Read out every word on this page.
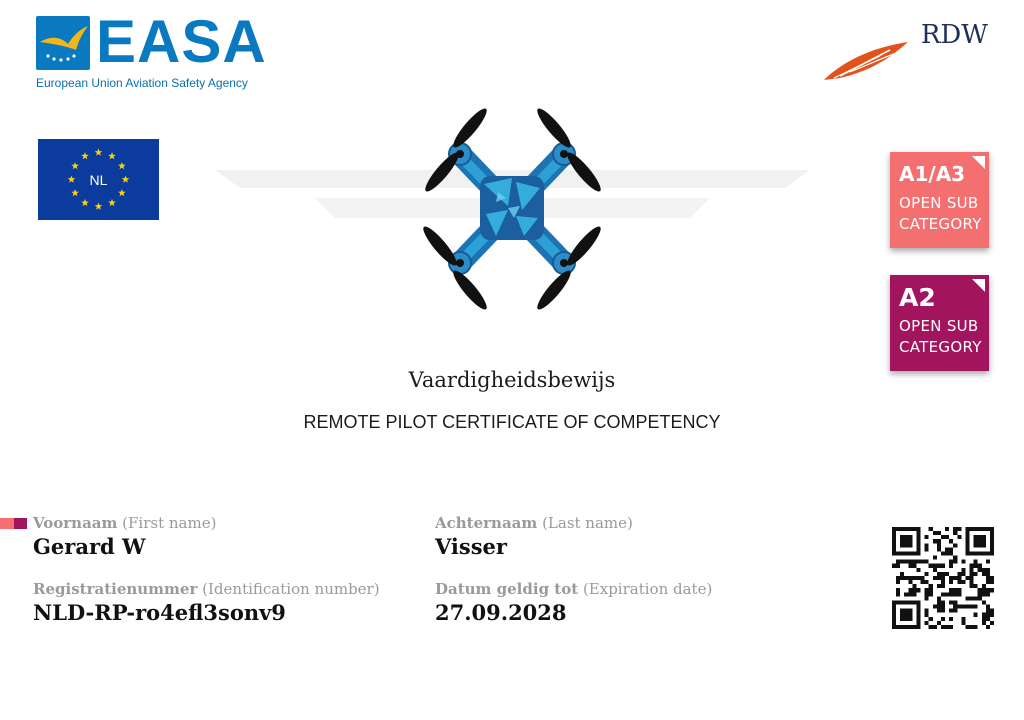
EASA
European Union Aviation Safety Agency
RDW
NL	A1/A3
OPEN SUB
CATEGORY
A2
OPEN SUB
CATEGORY
Vaardigheidsbewijs
REMOTE PILOT CERTIFICATE OF COMPETENCY
Voornaam (First name)
Gerard W
Achternaam (Last name)
Visser
Registratienummer (Identification number)
NLD-RP-ro4efl3sonv9
Datum geldig tot (Expiration date)
27.09.2028
